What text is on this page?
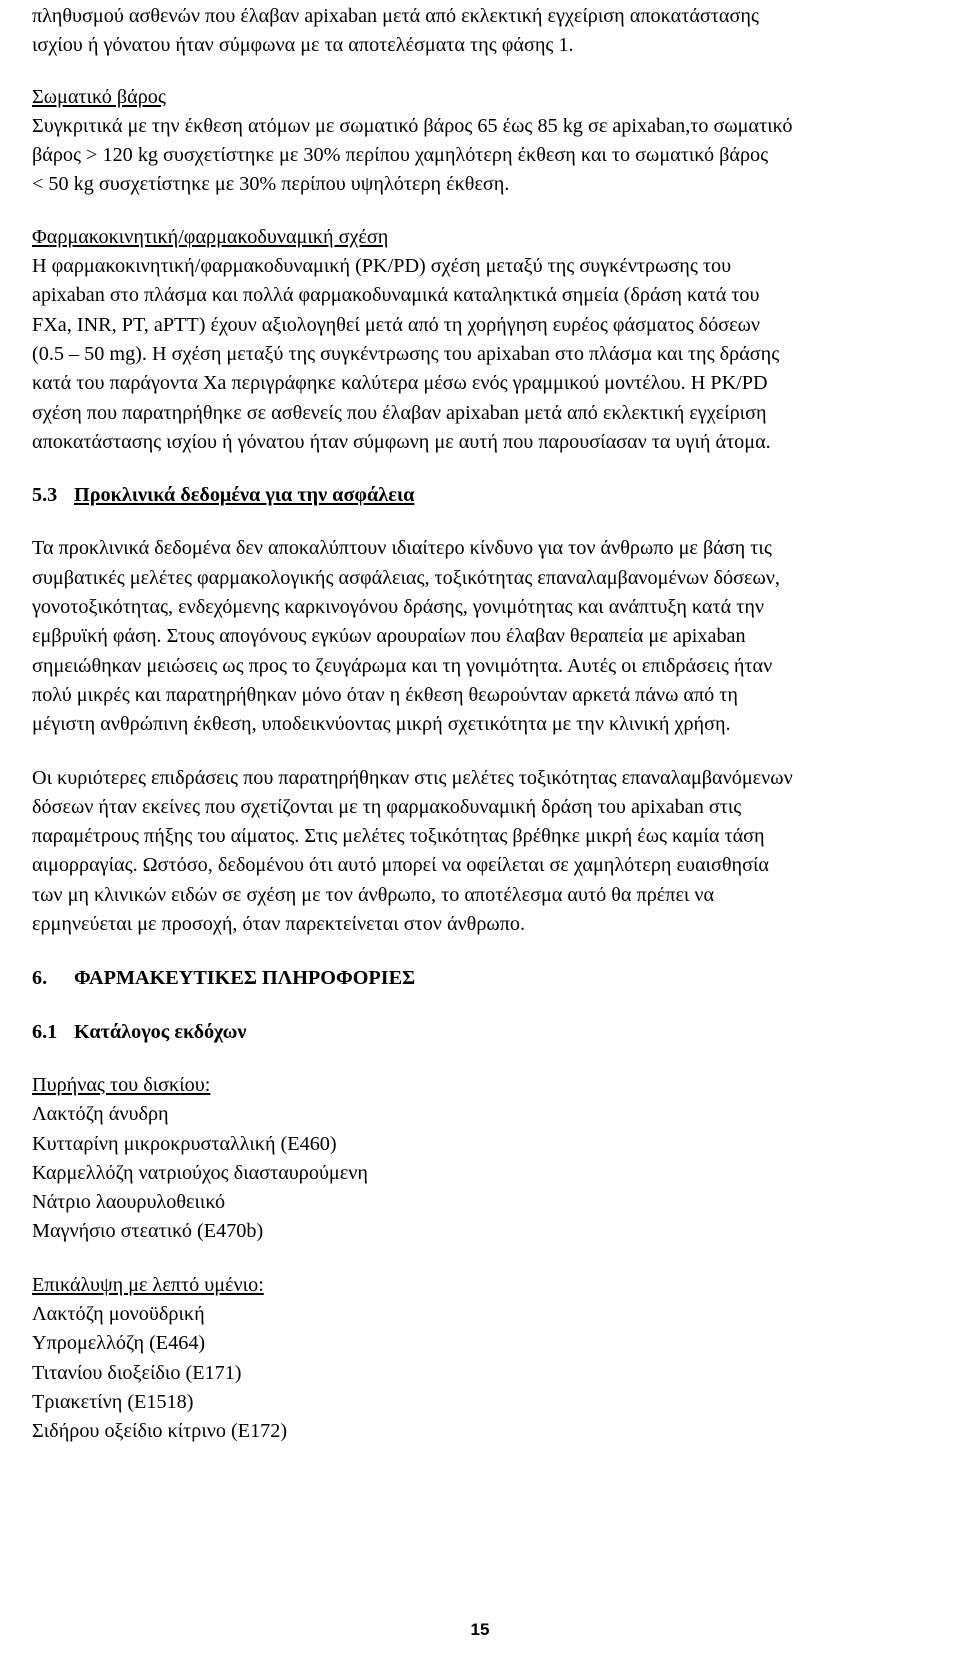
πληθυσμού ασθενών που έλαβαν apixaban μετά από εκλεκτική εγχείριση αποκατάστασης
ισχίου ή γόνατου ήταν σύμφωνα με τα αποτελέσματα της φάσης 1.

Σωματικό βάρος
Συγκριτικά με την έκθεση ατόμων με σωματικό βάρος 65 έως 85 kg σε apixaban,το σωματικό
βάρος > 120 kg συσχετίστηκε με 30% περίπου χαμηλότερη έκθεση και το σωματικό βάρος
< 50 kg συσχετίστηκε με 30% περίπου υψηλότερη έκθεση.

Φαρμακοκινητική/φαρμακοδυναμική σχέση
Η φαρμακοκινητική/φαρμακοδυναμική (PK/PD) σχέση μεταξύ της συγκέντρωσης του
apixaban στο πλάσμα και πολλά φαρμακοδυναμικά καταληκτικά σημεία (δράση κατά του
FXa, INR, PT, aPTT) έχουν αξιολογηθεί μετά από τη χορήγηση ευρέος φάσματος δόσεων
(0.5 – 50 mg). Η σχέση μεταξύ της συγκέντρωσης του apixaban στο πλάσμα και της δράσης
κατά του παράγοντα Xa περιγράφηκε καλύτερα μέσω ενός γραμμικού μοντέλου. Η PK/PD
σχέση που παρατηρήθηκε σε ασθενείς που έλαβαν apixaban μετά από εκλεκτική εγχείριση
αποκατάστασης ισχίου ή γόνατου ήταν σύμφωνη με αυτή που παρουσίασαν τα υγιή άτομα.

5.3 Προκλινικά δεδομένα για την ασφάλεια

Τα προκλινικά δεδομένα δεν αποκαλύπτουν ιδιαίτερο κίνδυνο για τον άνθρωπο με βάση τις
συμβατικές μελέτες φαρμακολογικής ασφάλειας, τοξικότητας επαναλαμβανομένων δόσεων,
γονοτοξικότητας, ενδεχόμενης καρκινογόνου δράσης, γονιμότητας και ανάπτυξη κατά την
εμβρυϊκή φάση. Στους απογόνους εγκύων αρουραίων που έλαβαν θεραπεία με apixaban
σημειώθηκαν μειώσεις ως προς το ζευγάρωμα και τη γονιμότητα. Αυτές οι επιδράσεις ήταν
πολύ μικρές και παρατηρήθηκαν μόνο όταν η έκθεση θεωρούνταν αρκετά πάνω από τη
μέγιστη ανθρώπινη έκθεση, υποδεικνύοντας μικρή σχετικότητα με την κλινική χρήση.

Οι κυριότερες επιδράσεις που παρατηρήθηκαν στις μελέτες τοξικότητας επαναλαμβανόμενων
δόσεων ήταν εκείνες που σχετίζονται με τη φαρμακοδυναμική δράση του apixaban στις
παραμέτρους πήξης του αίματος. Στις μελέτες τοξικότητας βρέθηκε μικρή έως καμία τάση
αιμορραγίας. Ωστόσο, δεδομένου ότι αυτό μπορεί να οφείλεται σε χαμηλότερη ευαισθησία
των μη κλινικών ειδών σε σχέση με τον άνθρωπο, το αποτέλεσμα αυτό θα πρέπει να
ερμηνεύεται με προσοχή, όταν παρεκτείνεται στον άνθρωπο.

6. ΦΑΡΜΑΚΕΥΤΙΚΕΣ ΠΛΗΡΟΦΟΡΙΕΣ

6.1 Κατάλογος εκδόχων

Πυρήνας του δισκίου:
Λακτόζη άνυδρη
Κυτταρίνη μικροκρυσταλλική (E460)
Καρμελλόζη νατριούχος διασταυρούμενη
Νάτριο λαουρυλοθειικό
Μαγνήσιο στεατικό (E470b)

Επικάλυψη με λεπτό υμένιο:
Λακτόζη μονοϋδρική
Υπρομελλόζη (E464)
Τιτανίου διοξείδιο (E171)
Τριακετίνη (E1518)
Σιδήρου οξείδιο κίτρινο (E172)

15
